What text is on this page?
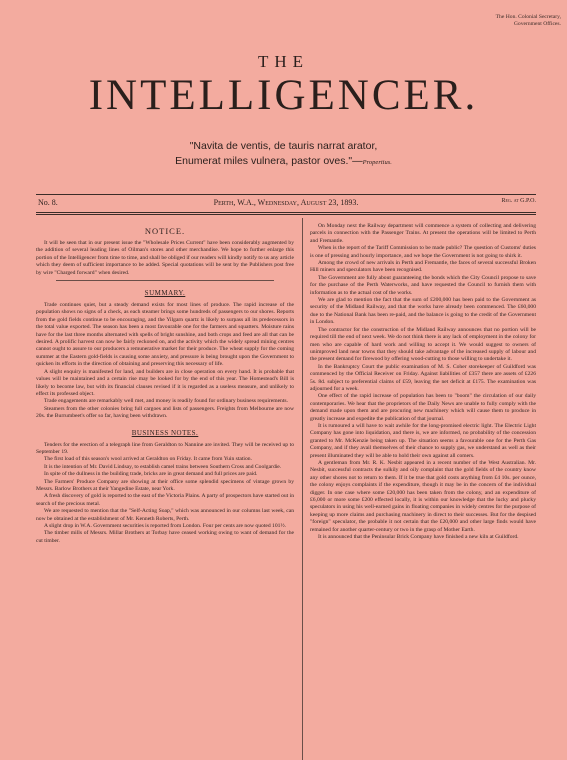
The Hon. Colonial Secretary,
Government Offices.
THE
INTELLIGENCER.
"Navita de ventis, de tauris narrat arator,
Enumerat miles vulnera, pastor oves."—Propertius.
No. 8.	Perth, W.A., Wednesday, August 23, 1893.	Reg. at G.P.O.
NOTICE.

It will be seen that in our present issue the "Wholesale Prices Current" have been considerably augmented by the addition of several leading lines of Oilman's stores and other merchandise. We hope to further enlarge this portion of the Intelligencer from time to time, and shall be obliged if our readers will kindly notify to us any article which they deem of sufficient importance to be added. Special quotations will be sent by the Publishers post free by wire "Charged forward" when desired.

SUMMARY.

Trade continues quiet, but a steady demand exists for most lines of produce. The rapid increase of the population shows no signs of a check, as each steamer brings some hundreds of passengers to our shores. Reports from the gold fields continue to be encouraging, and the Yilgarn quartz is likely to surpass all its predecessors in the total value exported. The season has been a most favourable one for the farmers and squatters. Moisture rains have for the last three months alternated with spells of bright sunshine, and both crops and feed are all that can be desired. A prolific harvest can now be fairly reckoned on, and the activity which the widely spread mining centres cannot ought to assure to our producers a remunerative market for their produce. The wheat supply for the coming summer at the Eastern gold-fields is causing some anxiety, and pressure is being brought upon the Government to quicken its efforts in the direction of obtaining and preserving this necessary of life.

A slight enquiry is manifested for land, and builders are in close operation on every hand. It is probable that values will be maintained and a certain rise may be looked for by the end of this year. The Homestead's Bill is likely to become law, but with its financial clauses revised if it is regarded as a useless measure, and unlikely to effect its professed object.

Trade engagements are remarkably well met, and money is readily found for ordinary business requirements.

Steamers from the other colonies bring full cargoes and lists of passengers. Freights from Melbourne are now 20s. the Burrumbeet's offer so far, having been withdrawn.

BUSINESS NOTES.

Tenders for the erection of a telegraph line from Geraldton to Nannine are invited. They will be received up to September 19.

The first load of this season's wool arrived at Geraldton on Friday. It came from Yuin station.

It is the intention of Mr. David Lindsay, to establish camel trains between Southern Cross and Coolgardie.

In spite of the dullness in the building trade, bricks are in great demand and full prices are paid.

The Farmers' Produce Company are showing at their office some splendid specimens of vintage grown by Messrs. Barlow Brothers at their Yangedine Estate, near York.

A fresh discovery of gold is reported to the east of the Victoria Plains. A party of prospectors have started out in search of the precious metal.

We are requested to mention that the "Self-Acting Soap," which was announced in our columns last week, can now be obtained at the establishment of Mr. Kenneth Roberts, Perth.

A slight drop in W.A. Government securities is reported from London. Four per cents are now quoted 101½.

The timber mills of Messrs. Millar Brothers at Torbay have ceased working owing to want of demand for the cut timber.

On Monday next the Railway department will commence a system of collecting and delivering parcels in connection with the Passenger Trains. At present the operations will be limited to Perth and Fremantle.

When is the report of the Tariff Commission to be made public? The question of Customs' duties is one of pressing and hourly importance, and we hope the Government is not going to shirk it.

Among the crowd of new arrivals in Perth and Fremantle, the faces of several successful Broken Hill miners and speculators have been recognised.

The Government are fully about guaranteeing the bonds which the City Council propose to save for the purchase of the Perth Waterworks, and have requested the Council to furnish them with information as to the actual cost of the works.

We are glad to mention the fact that the sum of £200,000 has been paid to the Government as security of the Midland Railway, and that the works have already been commenced. The £60,000 due to the National Bank has been re-paid, and the balance is going to the credit of the Government in London.

The contractor for the construction of the Midland Railway announces that no portion will be required till the end of next week. We do not think there is any lack of employment in the colony for men who are capable of hard work and willing to accept it. We would suggest to owners of unimproved land near towns that they should take advantage of the increased supply of labour and the present demand for firewood by offering wood-cutting to those willing to undertake it.

In the Bankruptcy Court the public examination of M. S. Coher storekeeper of Guildford was commenced by the Official Receiver on Friday. Against liabilities of £357 there are assets of £226 5s. 8d. subject to preferential claims of £59, leaving the net deficit at £175. The examination was adjourned for a week.

One effect of the rapid increase of population has been to "boom" the circulation of our daily contemporaries. We hear that the proprietors of the Daily News are unable to fully comply with the demand made upon them and are procuring new machinery which will cause them to produce in greatly increase and expedite the publication of that journal.

It is rumoured a will have to wait awhile for the long-promised electric light. The Electric Light Company has gone into liquidation, and there is, we are informed, no probability of the concession granted to Mr. McKenzie being taken up. The situation seems a favourable one for the Perth Gas Company, and if they avail themselves of their chance to supply gas, we understand as well as their present illuminated they will be able to hold their own against all comers.

A gentleman from Mr. R. K. Nesbit appeared in a recent number of the West Australian. Mr. Nesbit, successful contracts the sulkily and oily complaint that the gold fields of the country know any other shores not to return to them. If it be true that gold costs anything from £4 10s. per ounce, the colony enjoys complaints if the expenditure, though it may be in the concern of the individual digger. In one case where some £20,000 has been taken from the colony, and an expenditure of £6,000 or more some £200 effected locally, it is within our knowledge that the lucky and plucky speculators in using his well-earned gains in floating companies in widely centres for the purpose of keeping up more claims and purchasing machinery in direct to their successes. But for the despised "foreign" speculator, the probable it not certain that the £20,000 and other large finds would have remained for another quarter-century or two in the grasp of Mother Earth.

It is announced that the Peninsular Brick Company have finished a new kiln at Guildford.
